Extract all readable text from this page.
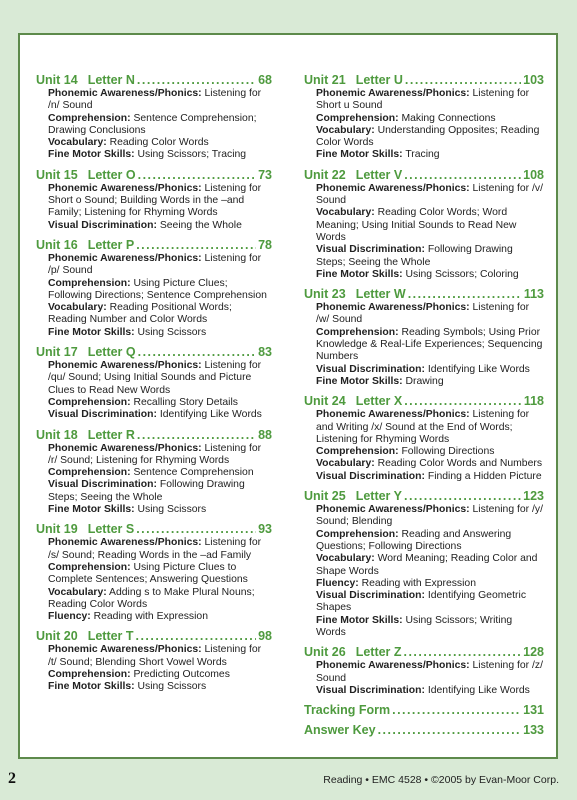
Unit 14 Letter N . . .	68
Phonemic Awareness/Phonics: Listening for /n/ Sound
Comprehension: Sentence Comprehension; Drawing Conclusions
Vocabulary: Reading Color Words
Fine Motor Skills: Using Scissors; Tracing
Unit 15 Letter O . . .	73
Phonemic Awareness/Phonics: Listening for Short o Sound; Building Words in the –and Family; Listening for Rhyming Words
Visual Discrimination: Seeing the Whole
Unit 16 Letter P . . .	78
Phonemic Awareness/Phonics: Listening for /p/ Sound
Comprehension: Using Picture Clues; Following Directions; Sentence Comprehension
Vocabulary: Reading Positional Words; Reading Number and Color Words
Fine Motor Skills: Using Scissors
Unit 17 Letter Q . . .	83
Phonemic Awareness/Phonics: Listening for /qu/ Sound; Using Initial Sounds and Picture Clues to Read New Words
Comprehension: Recalling Story Details
Visual Discrimination: Identifying Like Words
Unit 18 Letter R . . .	88
Phonemic Awareness/Phonics: Listening for /r/ Sound; Listening for Rhyming Words
Comprehension: Sentence Comprehension
Visual Discrimination: Following Drawing Steps; Seeing the Whole
Fine Motor Skills: Using Scissors
Unit 19 Letter S . . .	93
Phonemic Awareness/Phonics: Listening for /s/ Sound; Reading Words in the –ad Family
Comprehension: Using Picture Clues to Complete Sentences; Answering Questions
Vocabulary: Adding s to Make Plural Nouns; Reading Color Words
Fluency: Reading with Expression
Unit 20 Letter T . . .	98
Phonemic Awareness/Phonics: Listening for /t/ Sound; Blending Short Vowel Words
Comprehension: Predicting Outcomes
Fine Motor Skills: Using Scissors
Unit 21 Letter U . . .	103
Phonemic Awareness/Phonics: Listening for Short u Sound
Comprehension: Making Connections
Vocabulary: Understanding Opposites; Reading Color Words
Fine Motor Skills: Tracing
Unit 22 Letter V . . .	108
Phonemic Awareness/Phonics: Listening for /v/ Sound
Vocabulary: Reading Color Words; Word Meaning; Using Initial Sounds to Read New Words
Visual Discrimination: Following Drawing Steps; Seeing the Whole
Fine Motor Skills: Using Scissors; Coloring
Unit 23 Letter W . . .	113
Phonemic Awareness/Phonics: Listening for /w/ Sound
Comprehension: Reading Symbols; Using Prior Knowledge & Real-Life Experiences; Sequencing Numbers
Visual Discrimination: Identifying Like Words
Fine Motor Skills: Drawing
Unit 24 Letter X . . .	118
Phonemic Awareness/Phonics: Listening for and Writing /x/ Sound at the End of Words; Listening for Rhyming Words
Comprehension: Following Directions
Vocabulary: Reading Color Words and Numbers
Visual Discrimination: Finding a Hidden Picture
Unit 25 Letter Y . . .	123
Phonemic Awareness/Phonics: Listening for /y/ Sound; Blending
Comprehension: Reading and Answering Questions; Following Directions
Vocabulary: Word Meaning; Reading Color and Shape Words
Fluency: Reading with Expression
Visual Discrimination: Identifying Geometric Shapes
Fine Motor Skills: Using Scissors; Writing Words
Unit 26 Letter Z . . .	128
Phonemic Awareness/Phonics: Listening for /z/ Sound
Visual Discrimination: Identifying Like Words
Tracking Form . . .	131
Answer Key . . .	133
2	Reading • EMC 4528 • ©2005 by Evan-Moor Corp.
